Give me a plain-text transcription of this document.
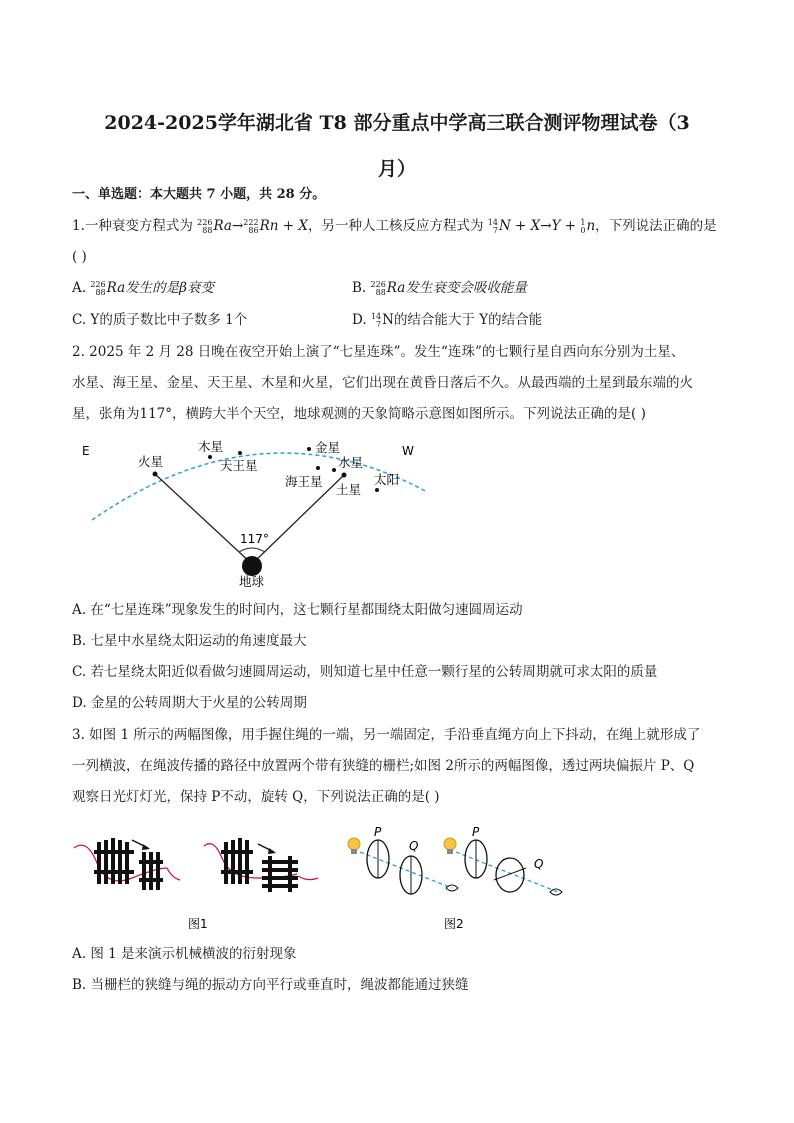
2024-2025学年湖北省 T8 部分重点中学高三联合测评物理试卷（3
月）
一、单选题：本大题共 7 小题，共 28 分。
1.一种衰变方程式为 226
88 Ra→ 222
86 Rn + X，另一种人工核反应方程式为 14
7 N + X→Y + 1
0 n，下列说法正确的是
( )
A. 226
88 Ra发生的是β衰变	B. 226
88 Ra发生衰变会吸收能量
C. Y的质子数比中子数多 1个	D. 14
7 N的结合能大于 Y的结合能
2. 2025 年 2 月 28 日晚在夜空开始上演了“七星连珠”。发生“连珠”的七颗行星自西向东分别为土星、
水星、海王星、金星、天王星、木星和火星，它们出现在黄昏日落后不久。从最西端的土星到最东端的火
星，张角为117°，横跨大半个天空，地球观测的天象简略示意图如图所示。下列说法正确的是( )
E	W
火星
木星
天王星
金星
水星
海王星
土星
太阳
117°
地球
A. 在“七星连珠”现象发生的时间内，这七颗行星都围绕太阳做匀速圆周运动
B. 七星中水星绕太阳运动的角速度最大
C. 若七星绕太阳近似看做匀速圆周运动，则知道七星中任意一颗行星的公转周期就可求太阳的质量
D. 金星的公转周期大于火星的公转周期
3. 如图 1 所示的两幅图像，用手握住绳的一端，另一端固定，手沿垂直绳方向上下抖动，在绳上就形成了
一列横波，在绳波传播的路径中放置两个带有狭缝的栅栏;如图 2所示的两幅图像，透过两块偏振片 P、Q
观察日光灯灯光，保持 P不动，旋转 Q，下列说法正确的是( )
图1
P
Q
P
Q
图2
A. 图 1 是来演示机械横波的衍射现象
B. 当栅栏的狭缝与绳的振动方向平行或垂直时，绳波都能通过狭缝
